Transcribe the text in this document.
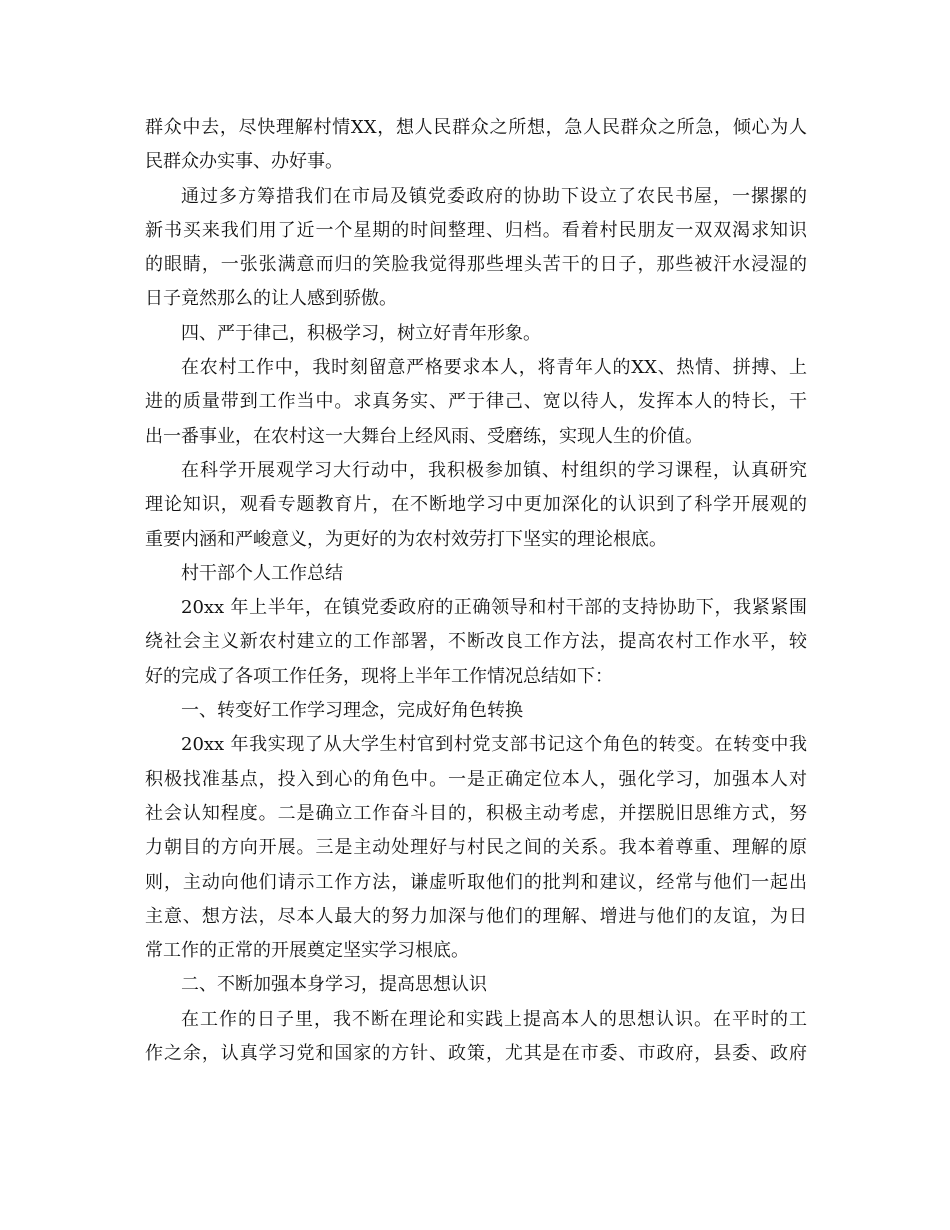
群众中去，尽快理解村情XX，想人民群众之所想，急人民群众之所急，倾心为人
民群众办实事、办好事。
通过多方筹措我们在市局及镇党委政府的协助下设立了农民书屋，一摞摞的
新书买来我们用了近一个星期的时间整理、归档。看着村民朋友一双双渴求知识
的眼睛，一张张满意而归的笑脸我觉得那些埋头苦干的日子，那些被汗水浸湿的
日子竟然那么的让人感到骄傲。
四、严于律己，积极学习，树立好青年形象。
在农村工作中，我时刻留意严格要求本人，将青年人的XX、热情、拼搏、上
进的质量带到工作当中。求真务实、严于律己、宽以待人，发挥本人的特长，干
出一番事业，在农村这一大舞台上经风雨、受磨练，实现人生的价值。
在科学开展观学习大行动中，我积极参加镇、村组织的学习课程，认真研究
理论知识，观看专题教育片，在不断地学习中更加深化的认识到了科学开展观的
重要内涵和严峻意义，为更好的为农村效劳打下坚实的理论根底。
村干部个人工作总结
20xx 年上半年，在镇党委政府的正确领导和村干部的支持协助下，我紧紧围
绕社会主义新农村建立的工作部署，不断改良工作方法，提高农村工作水平，较
好的完成了各项工作任务，现将上半年工作情况总结如下：
一、转变好工作学习理念，完成好角色转换
20xx 年我实现了从大学生村官到村党支部书记这个角色的转变。在转变中我
积极找准基点，投入到心的角色中。一是正确定位本人，强化学习，加强本人对
社会认知程度。二是确立工作奋斗目的，积极主动考虑，并摆脱旧思维方式，努
力朝目的方向开展。三是主动处理好与村民之间的关系。我本着尊重、理解的原
则，主动向他们请示工作方法，谦虚听取他们的批判和建议，经常与他们一起出
主意、想方法，尽本人最大的努力加深与他们的理解、增进与他们的友谊，为日
常工作的正常的开展奠定坚实学习根底。
二、不断加强本身学习，提高思想认识
在工作的日子里，我不断在理论和实践上提高本人的思想认识。在平时的工
作之余，认真学习党和国家的方针、政策，尤其是在市委、市政府，县委、政府
